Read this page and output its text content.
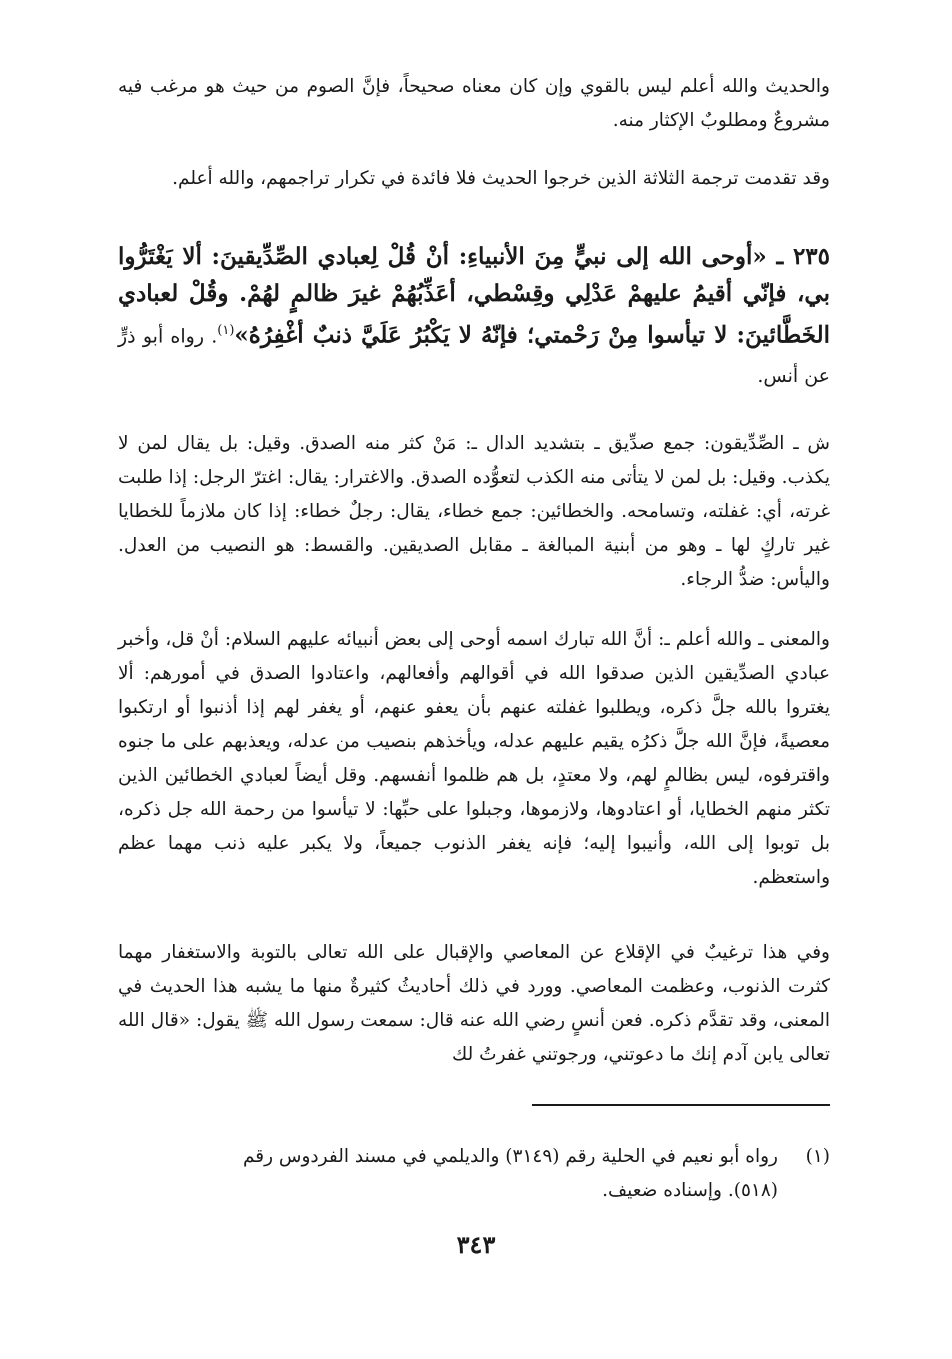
والحديث والله أعلم ليس بالقوي وإن كان معناه صحيحاً، فإنَّ الصوم من حيث هو مرغب فيه مشروعٌ ومطلوبٌ الإكثار منه.

وقد تقدمت ترجمة الثلاثة الذين خرجوا الحديث فلا فائدة في تكرار تراجمهم، والله أعلم.

٢٣٥ ـ «أوحى الله إلى نبيٍّ مِنَ الأنبياءِ: أنْ قُلْ لِعبادي الصِّدِّيقينَ: ألا يَغْتَرُّوا بي، فإنّي أقيمُ عليهمْ عَدْلِي وقِسْطي، أعَذِّبُهُمْ غيرَ ظالمٍ لهُمْ. وقُلْ لعبادي الخَطَّائينَ: لا تيأسوا مِنْ رَحْمتي؛ فإنّهُ لا يَكْبُرُ عَلَيَّ ذنبٌ أغْفِرُهُ»$^{(١)}$. رواه أبو ذرٍّ عن أنس.

ش ـ الصِّدِّيقون: جمع صدِّيق ـ بتشديد الدال ـ: مَنْ كثر منه الصدق. وقيل: بل يقال لمن لا يكذب. وقيل: بل لمن لا يتأتى منه الكذب لتعوُّده الصدق. والاغترار: يقال: اغترّ الرجل: إذا طلبت غرته، أي: غفلته، وتسامحه. والخطائين: جمع خطاء، يقال: رجلٌ خطاء: إذا كان ملازماً للخطايا غير تاركٍ لها ـ وهو من أبنية المبالغة ـ مقابل الصديقين. والقسط: هو النصيب من العدل. واليأس: ضدُّ الرجاء.

والمعنى ـ والله أعلم ـ: أنَّ الله تبارك اسمه أوحى إلى بعض أنبيائه عليهم السلام: أنْ قل، وأخبر عبادي الصدِّيقين الذين صدقوا الله في أقوالهم وأفعالهم، واعتادوا الصدق في أمورهم: ألا يغتروا بالله جلَّ ذكره، ويطلبوا غفلته عنهم بأن يعفو عنهم، أو يغفر لهم إذا أذنبوا أو ارتكبوا معصيةً، فإنَّ الله جلَّ ذكرُه يقيم عليهم عدله، ويأخذهم بنصيب من عدله، ويعذبهم على ما جنوه واقترفوه، ليس بظالمٍ لهم، ولا معتدٍ، بل هم ظلموا أنفسهم. وقل أيضاً لعبادي الخطائين الذين تكثر منهم الخطايا، أو اعتادوها، ولازموها، وجبلوا على حبِّها: لا تيأسوا من رحمة الله جل ذكره، بل توبوا إلى الله، وأنيبوا إليه؛ فإنه يغفر الذنوب جميعاً، ولا يكبر عليه ذنب مهما عظم واستعظم.

وفي هذا ترغيبٌ في الإقلاع عن المعاصي والإقبال على الله تعالى بالتوبة والاستغفار مهما كثرت الذنوب، وعظمت المعاصي. وورد في ذلك أحاديثُ كثيرةٌ منها ما يشبه هذا الحديث في المعنى، وقد تقدَّم ذكره. فعن أنسٍ رضي الله عنه قال: سمعت رسول الله ﷺ يقول: «قال الله تعالى يابن آدم إنك ما دعوتني، ورجوتني غفرتُ لك

(١)رواه أبو نعيم في الحلية رقم (٣١٤٩) والديلمي في مسند الفردوس رقم
(٥١٨). وإسناده ضعيف.

٣٤٣
